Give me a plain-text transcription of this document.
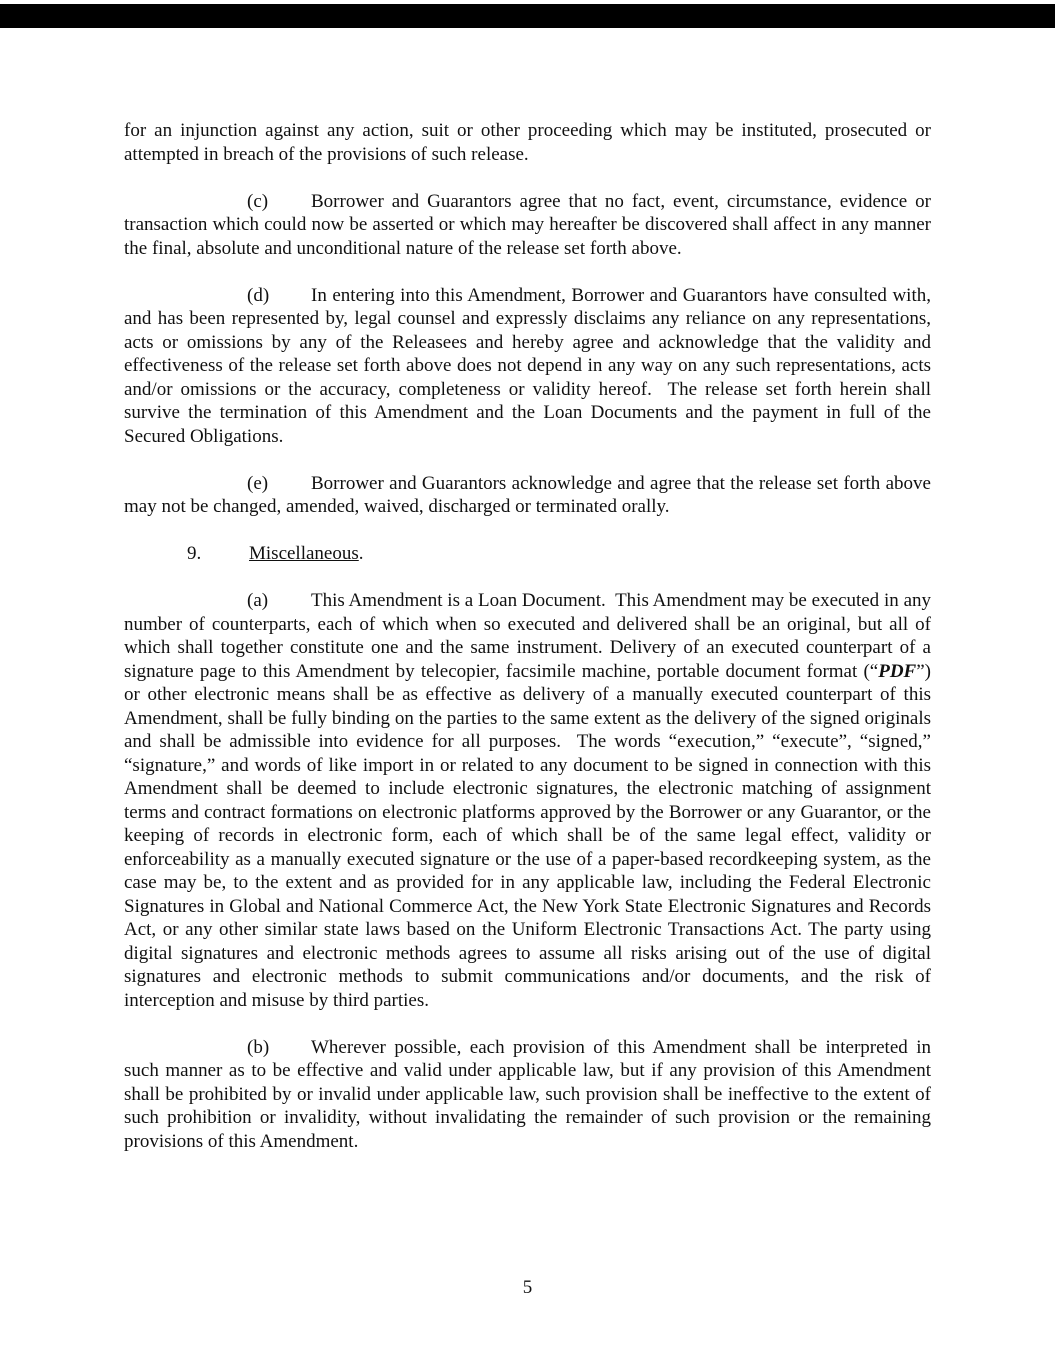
for an injunction against any action, suit or other proceeding which may be instituted, prosecuted or attempted in breach of the provisions of such release.

(c) Borrower and Guarantors agree that no fact, event, circumstance, evidence or transaction which could now be asserted or which may hereafter be discovered shall affect in any manner the final, absolute and unconditional nature of the release set forth above.

(d) In entering into this Amendment, Borrower and Guarantors have consulted with, and has been represented by, legal counsel and expressly disclaims any reliance on any representations, acts or omissions by any of the Releasees and hereby agree and acknowledge that the validity and effectiveness of the release set forth above does not depend in any way on any such representations, acts and/or omissions or the accuracy, completeness or validity hereof.  The release set forth herein shall survive the termination of this Amendment and the Loan Documents and the payment in full of the Secured Obligations.

(e) Borrower and Guarantors acknowledge and agree that the release set forth above may not be changed, amended, waived, discharged or terminated orally.

9.	Miscellaneous.

(a) This Amendment is a Loan Document.  This Amendment may be executed in any number of counterparts, each of which when so executed and delivered shall be an original, but all of which shall together constitute one and the same instrument. Delivery of an executed counterpart of a signature page to this Amendment by telecopier, facsimile machine, portable document format (“PDF”) or other electronic means shall be as effective as delivery of a manually executed counterpart of this Amendment, shall be fully binding on the parties to the same extent as the delivery of the signed originals and shall be admissible into evidence for all purposes.  The words “execution,” “execute”, “signed,” “signature,” and words of like import in or related to any document to be signed in connection with this Amendment shall be deemed to include electronic signatures, the electronic matching of assignment terms and contract formations on electronic platforms approved by the Borrower or any Guarantor, or the keeping of records in electronic form, each of which shall be of the same legal effect, validity or enforceability as a manually executed signature or the use of a paper-based recordkeeping system, as the case may be, to the extent and as provided for in any applicable law, including the Federal Electronic Signatures in Global and National Commerce Act, the New York State Electronic Signatures and Records Act, or any other similar state laws based on the Uniform Electronic Transactions Act. The party using digital signatures and electronic methods agrees to assume all risks arising out of the use of digital signatures and electronic methods to submit communications and/or documents, and the risk of interception and misuse by third parties.

(b) Wherever possible, each provision of this Amendment shall be interpreted in such manner as to be effective and valid under applicable law, but if any provision of this Amendment shall be prohibited by or invalid under applicable law, such provision shall be ineffective to the extent of such prohibition or invalidity, without invalidating the remainder of such provision or the remaining provisions of this Amendment.

5
